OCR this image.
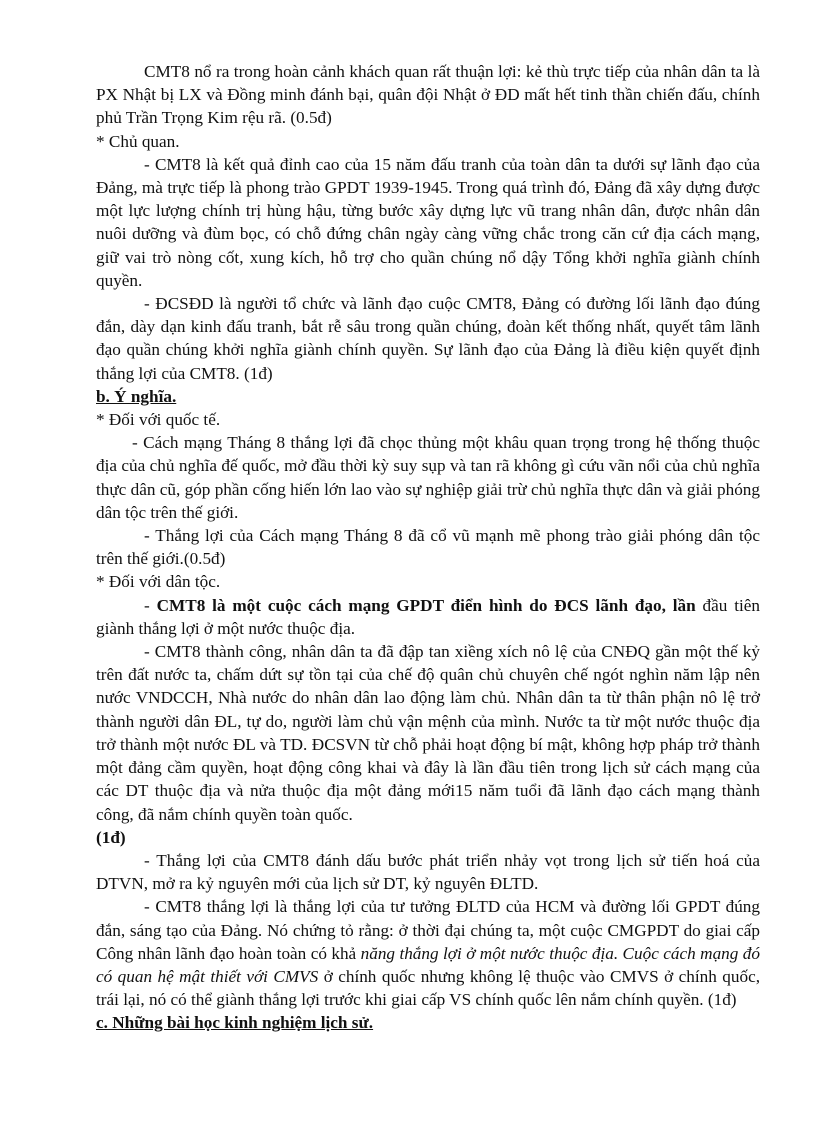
CMT8 nổ ra trong hoàn cảnh khách quan rất thuận lợi: kẻ thù trực tiếp của nhân dân ta là PX Nhật bị LX và Đồng minh đánh bại, quân đội Nhật ở ĐD mất hết tinh thần chiến đấu, chính phủ Trần Trọng Kim rệu rã. (0.5đ)

* Chủ quan.

- CMT8 là kết quả đỉnh cao của 15 năm đấu tranh của toàn dân ta dưới sự lãnh đạo của Đảng, mà trực tiếp là phong trào GPDT 1939-1945. Trong quá trình đó, Đảng đã xây dựng được một lực lượng chính trị hùng hậu, từng bước xây dựng lực vũ trang nhân dân, được nhân dân nuôi dưỡng và đùm bọc, có chỗ đứng chân ngày càng vững chắc trong căn cứ địa cách mạng, giữ vai trò nòng cốt, xung kích, hỗ trợ cho quần chúng nổ dậy Tổng khởi nghĩa giành chính quyền.

- ĐCSĐD là người tổ chức và lãnh đạo cuộc CMT8, Đảng có đường lối lãnh đạo đúng đắn, dày dạn kinh đấu tranh, bắt rễ sâu trong quần chúng, đoàn kết thống nhất, quyết tâm lãnh đạo quần chúng khởi nghĩa giành chính quyền. Sự lãnh đạo của Đảng là điều kiện quyết định thắng lợi của CMT8. (1đ)

b. Ý nghĩa.

* Đối với quốc tế.

- Cách mạng Tháng 8 thắng lợi đã chọc thủng một khâu quan trọng trong hệ thống thuộc địa của chủ nghĩa đế quốc, mở đầu thời kỳ suy sụp và tan rã không gì cứu vãn nổi của chủ nghĩa thực dân cũ, góp phần cống hiến lớn lao vào sự nghiệp giải trừ chủ nghĩa thực dân và giải phóng dân tộc trên thế giới.

- Thắng lợi của Cách mạng Tháng 8 đã cổ vũ mạnh mẽ phong trào giải phóng dân tộc trên thế giới.(0.5đ)

* Đối với dân tộc.

- CMT8 là một cuộc cách mạng GPDT điển hình do ĐCS lãnh đạo, lần đầu tiên giành thắng lợi ở một nước thuộc địa.

- CMT8 thành công, nhân dân ta đã đập tan xiềng xích nô lệ của CNĐQ gần một thế kỷ trên đất nước ta, chấm dứt sự tồn tại của chế độ quân chủ chuyên chế ngót nghìn năm lập nên nước VNDCCH, Nhà nước do nhân dân lao động làm chủ. Nhân dân ta từ thân phận nô lệ trở thành người dân ĐL, tự do, người làm chủ vận mệnh của mình. Nước ta từ một nước thuộc địa trở thành một nước ĐL và TD. ĐCSVN từ chỗ phải hoạt động bí mật, không hợp pháp trở thành một đảng cầm quyền, hoạt động công khai và đây là lần đầu tiên trong lịch sử cách mạng của các DT thuộc địa và nửa thuộc địa một đảng mới15 năm tuổi đã lãnh đạo cách mạng thành công, đã nắm chính quyền toàn quốc.
(1đ)

- Thắng lợi của CMT8 đánh dấu bước phát triển nhảy vọt trong lịch sử tiến hoá của DTVN, mở ra kỷ nguyên mới của lịch sử DT, kỷ nguyên ĐLTD.

- CMT8 thắng lợi là thắng lợi của tư tưởng ĐLTD của HCM và đường lối GPDT đúng đắn, sáng tạo của Đảng. Nó chứng tỏ rằng: ở thời đại chúng ta, một cuộc CMGPDT do giai cấp Công nhân lãnh đạo hoàn toàn có khả năng thắng lợi ở một nước thuộc địa. Cuộc cách mạng đó có quan hệ mật thiết với CMVS ở chính quốc nhưng không lệ thuộc vào CMVS ở chính quốc, trái lại, nó có thể giành thắng lợi trước khi giai cấp VS chính quốc lên nắm chính quyền. (1đ)

c. Những bài học kinh nghiệm lịch sử.
